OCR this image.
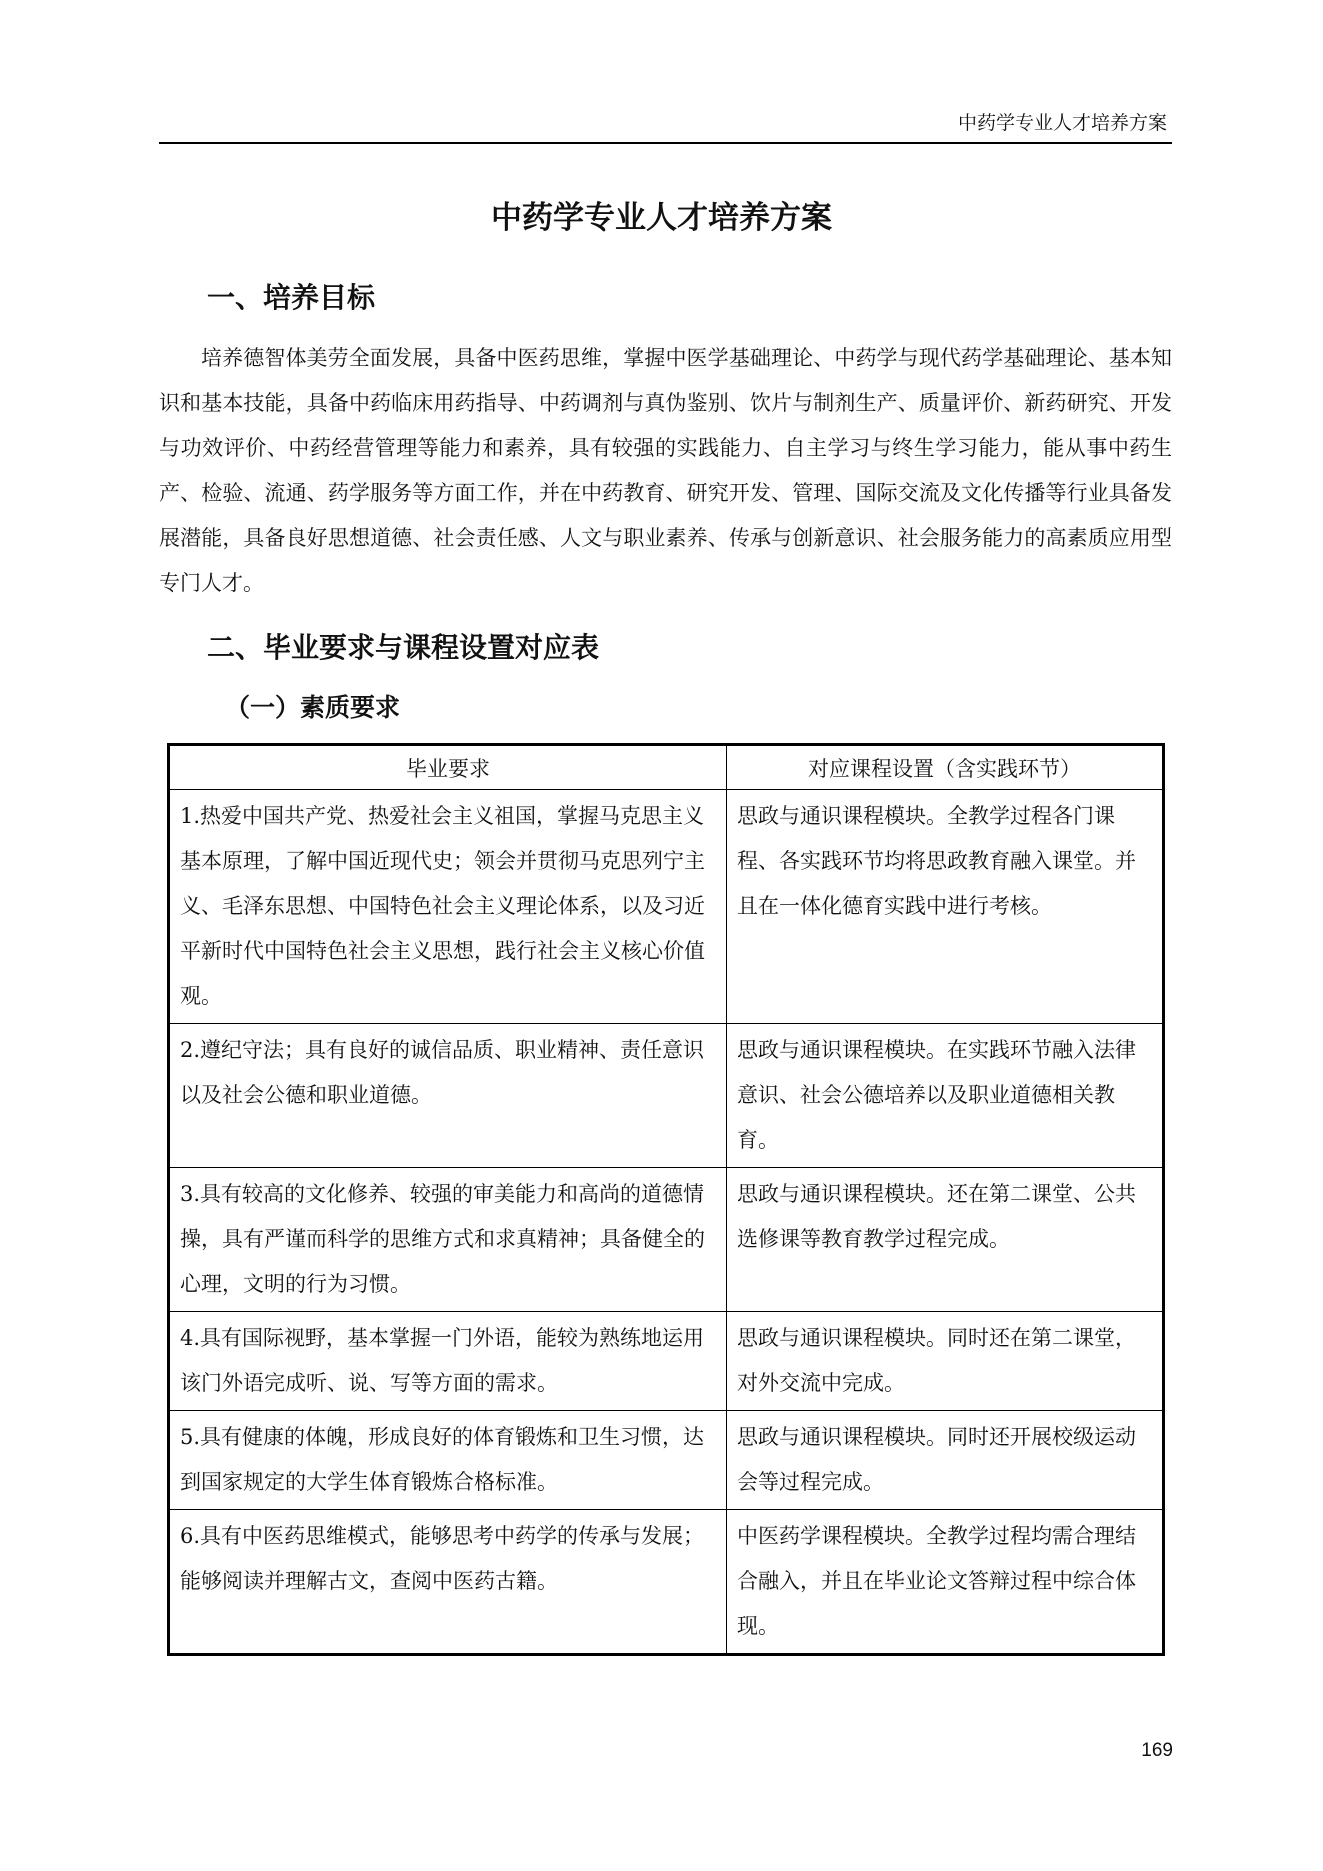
中药学专业人才培养方案
中药学专业人才培养方案
一、培养目标

培养德智体美劳全面发展，具备中医药思维，掌握中医学基础理论、中药学与现代药学基础理论、基本知识和基本技能，具备中药临床用药指导、中药调剂与真伪鉴别、饮片与制剂生产、质量评价、新药研究、开发与功效评价、中药经营管理等能力和素养，具有较强的实践能力、自主学习与终生学习能力，能从事中药生产、检验、流通、药学服务等方面工作，并在中药教育、研究开发、管理、国际交流及文化传播等行业具备发展潜能，具备良好思想道德、社会责任感、人文与职业素养、传承与创新意识、社会服务能力的高素质应用型专门人才。

二、毕业要求与课程设置对应表
（一）素质要求
毕业要求	对应课程设置（含实践环节）
1.热爱中国共产党、热爱社会主义祖国，掌握马克思主义基本原理，了解中国近现代史；领会并贯彻马克思列宁主义、毛泽东思想、中国特色社会主义理论体系，以及习近平新时代中国特色社会主义思想，践行社会主义核心价值观。	思政与通识课程模块。全教学过程各门课程、各实践环节均将思政教育融入课堂。并且在一体化德育实践中进行考核。
2.遵纪守法；具有良好的诚信品质、职业精神、责任意识以及社会公德和职业道德。	思政与通识课程模块。在实践环节融入法律意识、社会公德培养以及职业道德相关教育。
3.具有较高的文化修养、较强的审美能力和高尚的道德情操，具有严谨而科学的思维方式和求真精神；具备健全的心理，文明的行为习惯。	思政与通识课程模块。还在第二课堂、公共选修课等教育教学过程完成。
4.具有国际视野，基本掌握一门外语，能较为熟练地运用该门外语完成听、说、写等方面的需求。	思政与通识课程模块。同时还在第二课堂，对外交流中完成。
5.具有健康的体魄，形成良好的体育锻炼和卫生习惯，达到国家规定的大学生体育锻炼合格标准。	思政与通识课程模块。同时还开展校级运动会等过程完成。
6.具有中医药思维模式，能够思考中药学的传承与发展； 能够阅读并理解古文，查阅中医药古籍。	中医药学课程模块。全教学过程均需合理结合融入，并且在毕业论文答辩过程中综合体现。
169
